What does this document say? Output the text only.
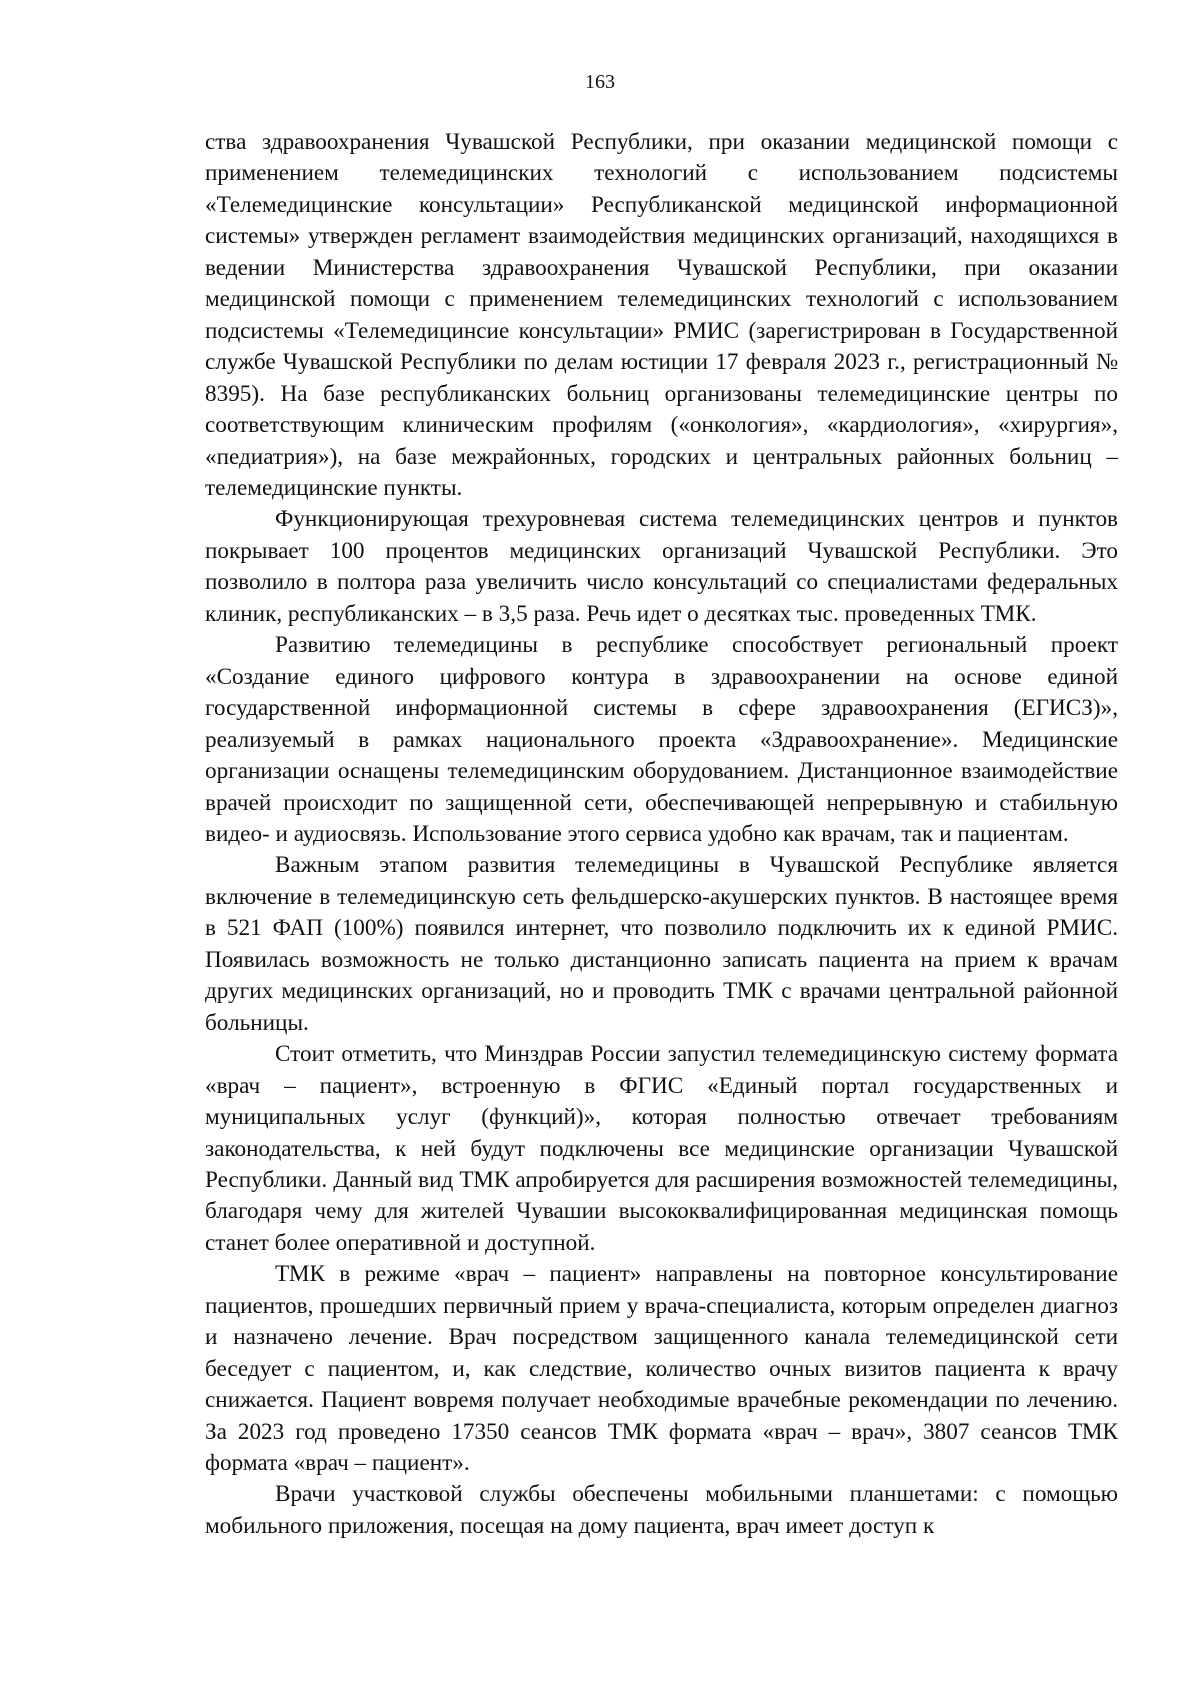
163

ства здравоохранения Чувашской Республики, при оказании медицинской помощи с применением телемедицинских технологий с использованием подсистемы «Телемедицинские консультации» Республиканской медицинской информационной системы» утвержден регламент взаимодействия медицинских организаций, находящихся в ведении Министерства здравоохранения Чувашской Республики, при оказании медицинской помощи с применением телемедицинских технологий с использованием подсистемы «Телемедицинсие консультации» РМИС (зарегистрирован в Государственной службе Чувашской Республики по делам юстиции 17 февраля 2023 г., регистрационный № 8395). На базе республиканских больниц организованы телемедицинские центры по соответствующим клиническим профилям («онкология», «кардиология», «хирургия», «педиатрия»), на базе межрайонных, городских и центральных районных больниц – телемедицинские пункты.

Функционирующая трехуровневая система телемедицинских центров и пунктов покрывает 100 процентов медицинских организаций Чувашской Республики. Это позволило в полтора раза увеличить число консультаций со специалистами федеральных клиник, республиканских – в 3,5 раза. Речь идет о десятках тыс. проведенных ТМК.

Развитию телемедицины в республике способствует региональный проект «Создание единого цифрового контура в здравоохранении на основе единой государственной информационной системы в сфере здравоохранения (ЕГИСЗ)», реализуемый в рамках национального проекта «Здравоохранение». Медицинские организации оснащены телемедицинским оборудованием. Дистанционное взаимодействие врачей происходит по защищенной сети, обеспечивающей непрерывную и стабильную видео- и аудиосвязь. Использование этого сервиса удобно как врачам, так и пациентам.

Важным этапом развития телемедицины в Чувашской Республике является включение в телемедицинскую сеть фельдшерско-акушерских пунктов. В настоящее время в 521 ФАП (100%) появился интернет, что позволило подключить их к единой РМИС. Появилась возможность не только дистанционно записать пациента на прием к врачам других медицинских организаций, но и проводить ТМК с врачами центральной районной больницы.

Стоит отметить, что Минздрав России запустил телемедицинскую систему формата «врач – пациент», встроенную в ФГИС «Единый портал государственных и муниципальных услуг (функций)», которая полностью отвечает требованиям законодательства, к ней будут подключены все медицинские организации Чувашской Республики. Данный вид ТМК апробируется для расширения возможностей телемедицины, благодаря чему для жителей Чувашии высококвалифицированная медицинская помощь станет более оперативной и доступной.

ТМК в режиме «врач – пациент» направлены на повторное консультирование пациентов, прошедших первичный прием у врача-специалиста, которым определен диагноз и назначено лечение. Врач посредством защищенного канала телемедицинской сети беседует с пациентом, и, как следствие, количество очных визитов пациента к врачу снижается. Пациент вовремя получает необходимые врачебные рекомендации по лечению. За 2023 год проведено 17350 сеансов ТМК формата «врач – врач», 3807 сеансов ТМК формата «врач – пациент».

Врачи участковой службы обеспечены мобильными планшетами: с помощью мобильного приложения, посещая на дому пациента, врач имеет доступ к
